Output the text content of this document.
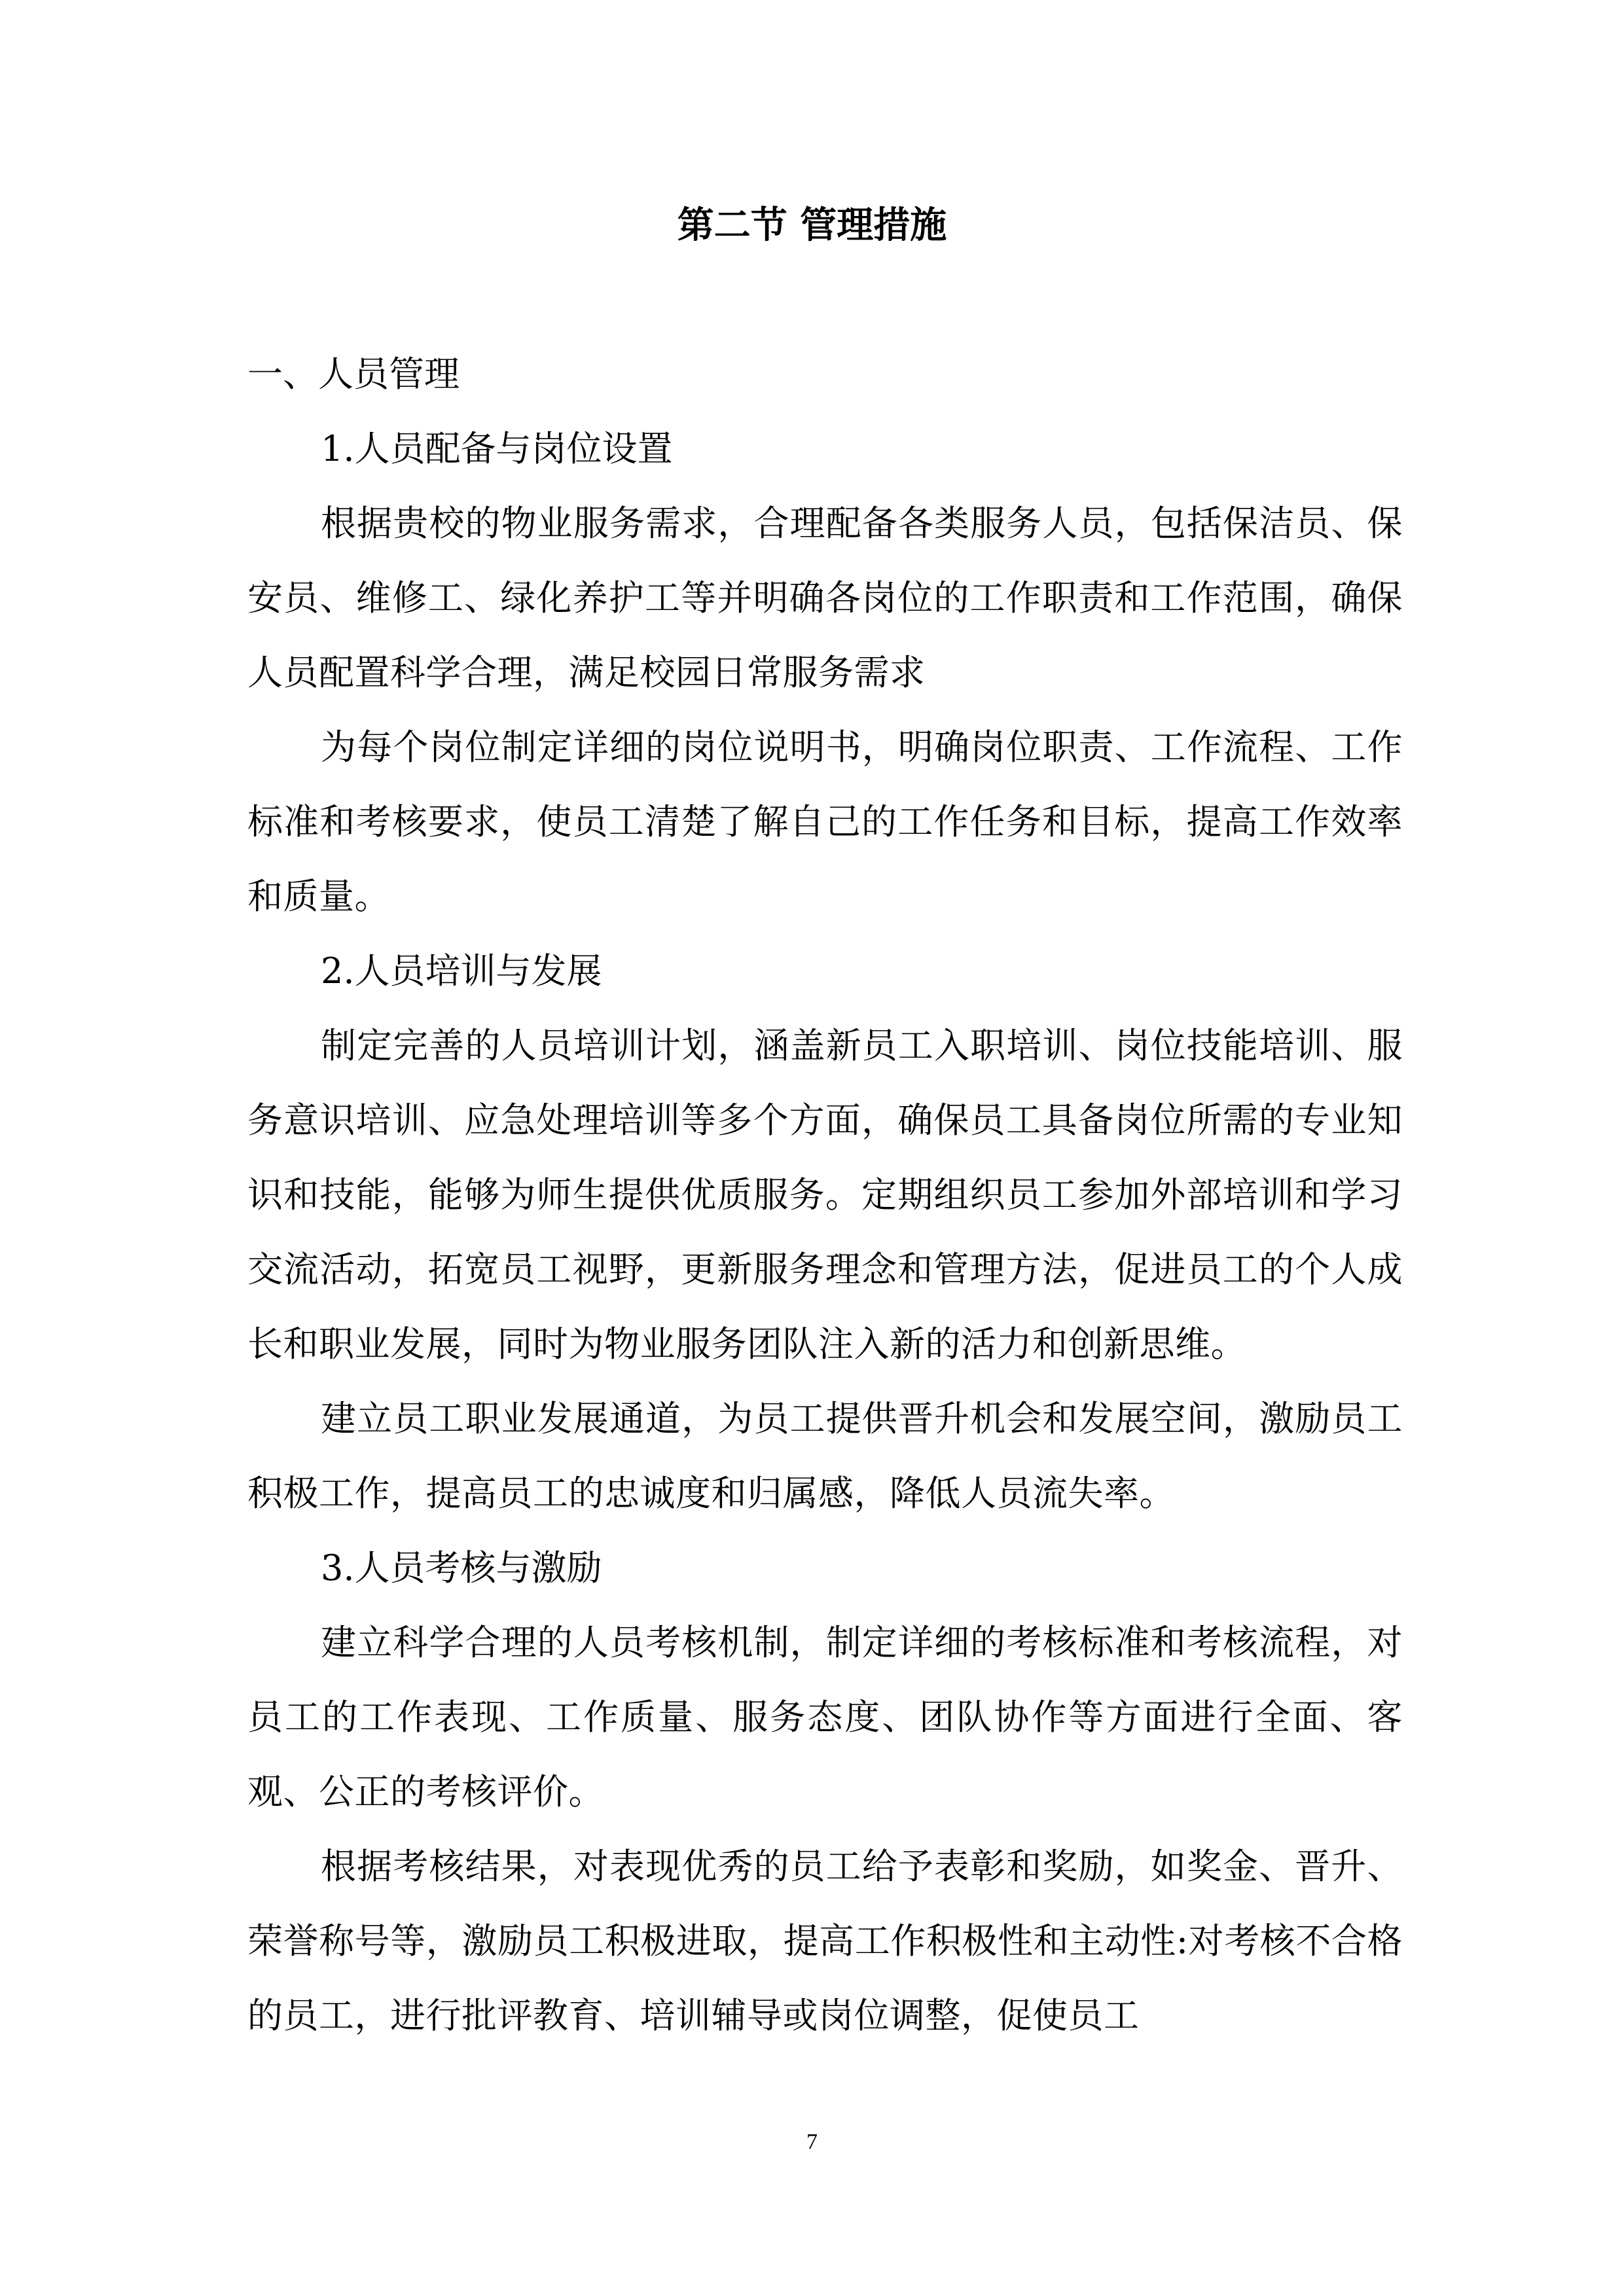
第二节 管理措施

一、人员管理

1.人员配备与岗位设置

根据贵校的物业服务需求，合理配备各类服务人员，包括保洁员、保安员、维修工、绿化养护工等并明确各岗位的工作职责和工作范围，确保人员配置科学合理，满足校园日常服务需求

为每个岗位制定详细的岗位说明书，明确岗位职责、工作流程、工作标准和考核要求，使员工清楚了解自己的工作任务和目标，提高工作效率和质量。

2.人员培训与发展

制定完善的人员培训计划，涵盖新员工入职培训、岗位技能培训、服务意识培训、应急处理培训等多个方面，确保员工具备岗位所需的专业知识和技能，能够为师生提供优质服务。定期组织员工参加外部培训和学习交流活动，拓宽员工视野，更新服务理念和管理方法，促进员工的个人成长和职业发展，同时为物业服务团队注入新的活力和创新思维。

建立员工职业发展通道，为员工提供晋升机会和发展空间，激励员工积极工作，提高员工的忠诚度和归属感，降低人员流失率。

3.人员考核与激励

建立科学合理的人员考核机制，制定详细的考核标准和考核流程，对员工的工作表现、工作质量、服务态度、团队协作等方面进行全面、客观、公正的考核评价。

根据考核结果，对表现优秀的员工给予表彰和奖励，如奖金、晋升、荣誉称号等，激励员工积极进取，提高工作积极性和主动性:对考核不合格的员工，进行批评教育、培训辅导或岗位调整，促使员工

7
